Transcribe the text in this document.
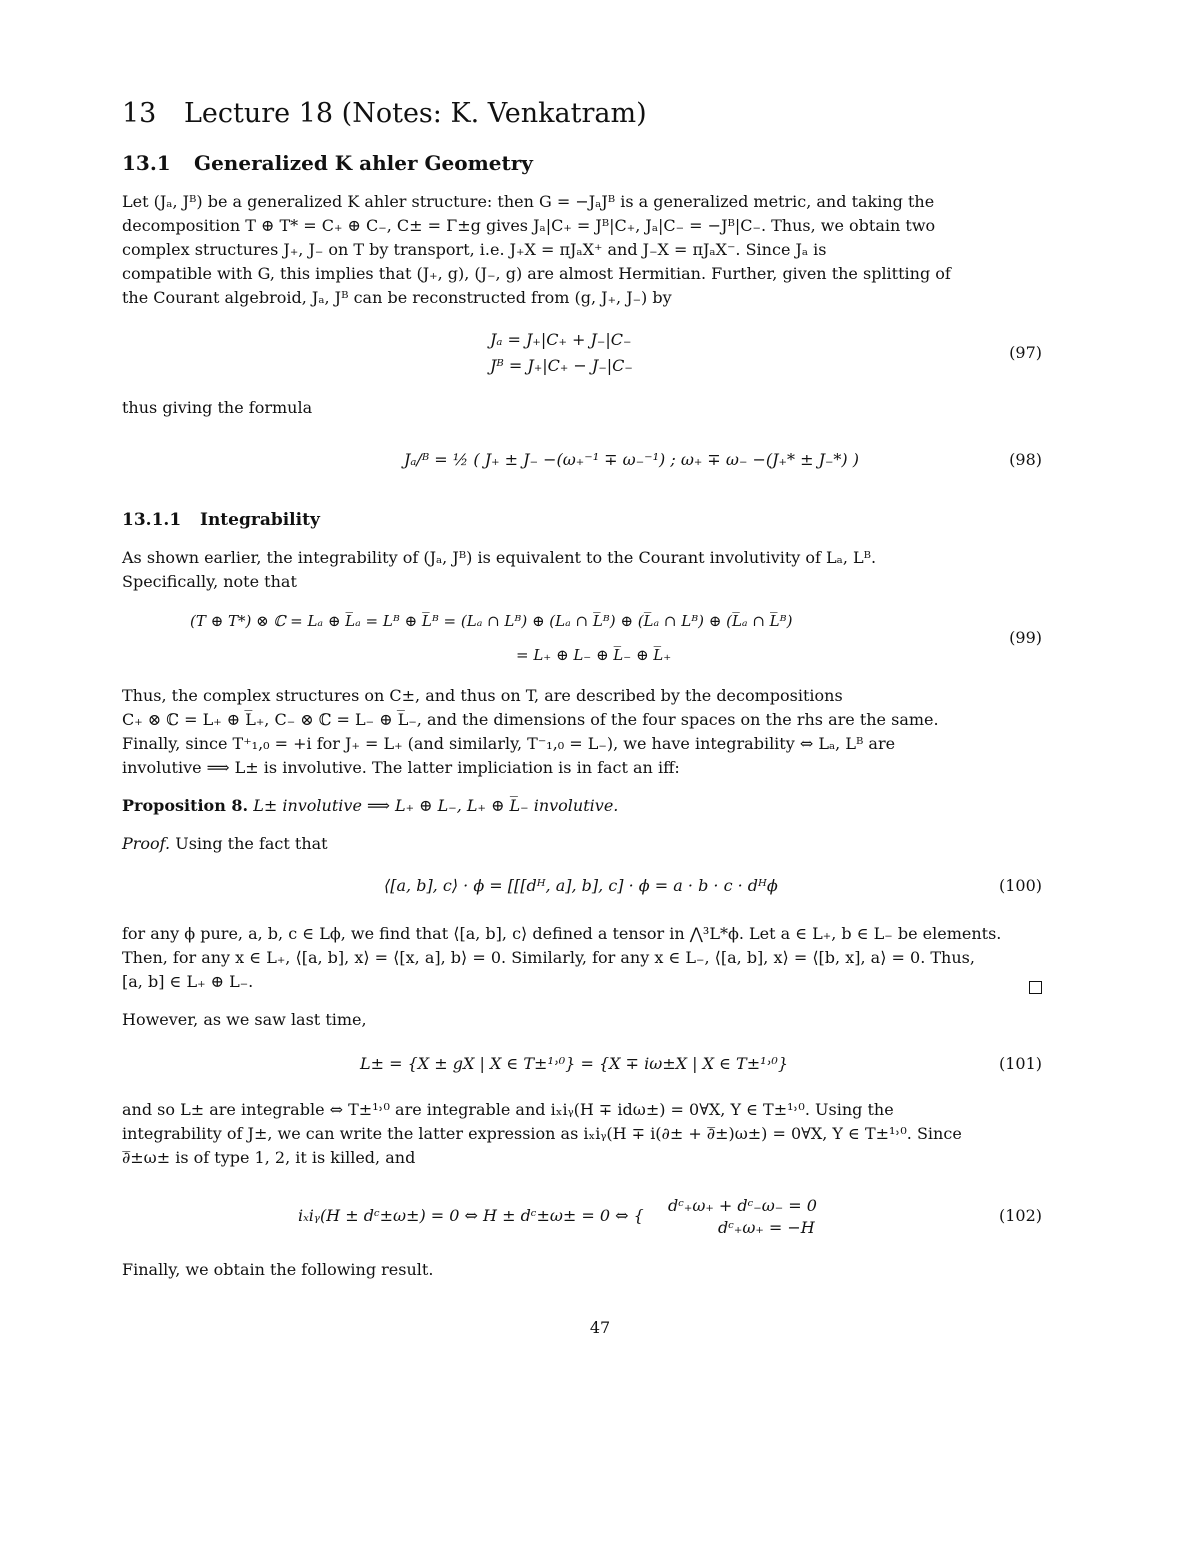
13 Lecture 18 (Notes: K. Venkatram)
13.1 Generalized K ahler Geometry

Let (Jₐ, Jᴮ) be a generalized K ahler structure: then G = −JₐJᴮ is a generalized metric, and taking the

decomposition T ⊕ T* = C₊ ⊕ C₋, C± = Γ±g gives Jₐ|C₊ = Jᴮ|C₊, Jₐ|C₋ = −Jᴮ|C₋. Thus, we obtain two

complex structures J₊, J₋ on T by transport, i.e. J₊X = πJₐX⁺ and J₋X = πJₐX⁻. Since Jₐ is

compatible with G, this implies that (J₊, g), (J₋, g) are almost Hermitian. Further, given the splitting of

the Courant algebroid, Jₐ, Jᴮ can be reconstructed from (g, J₊, J₋) by

Jₐ = J₊|C₊ + J₋|C₋
Jᴮ = J₊|C₊ − J₋|C₋
(97)

thus giving the formula

Jₐ/ᴮ = ½ ( J₊ ± J₋ −(ω₊⁻¹ ∓ ω₋⁻¹) ; ω₊ ∓ ω₋ −(J₊* ± J₋*) )	(98)
13.1.1 Integrability

As shown earlier, the integrability of (Jₐ, Jᴮ) is equivalent to the Courant involutivity of Lₐ, Lᴮ.

Specifically, note that

(T ⊕ T*) ⊗ ℂ = Lₐ ⊕ L̅ₐ = Lᴮ ⊕ L̅ᴮ = (Lₐ ∩ Lᴮ) ⊕ (Lₐ ∩ L̅ᴮ) ⊕ (L̅ₐ ∩ Lᴮ) ⊕ (L̅ₐ ∩ L̅ᴮ)
= L₊ ⊕ L₋ ⊕ L̅₋ ⊕ L̅₊
(99)

Thus, the complex structures on C±, and thus on T, are described by the decompositions

C₊ ⊗ ℂ = L₊ ⊕ L̅₊, C₋ ⊗ ℂ = L₋ ⊕ L̅₋, and the dimensions of the four spaces on the rhs are the same.

Finally, since T⁺₁,₀ = +i for J₊ = L₊ (and similarly, T⁻₁,₀ = L₋), we have integrability ⇔ Lₐ, Lᴮ are

involutive ⟹ L± is involutive. The latter impliciation is in fact an iff:

Proposition 8. L± involutive ⟹ L₊ ⊕ L₋, L₊ ⊕ L̅₋ involutive.

Proof. Using the fact that

⟨[a, b], c⟩ · ϕ = [[[dᴴ, a], b], c] · ϕ = a · b · c · dᴴϕ	(100)

for any ϕ pure, a, b, c ∈ Lϕ, we find that ⟨[a, b], c⟩ defined a tensor in ⋀³L*ϕ. Let a ∈ L₊, b ∈ L₋ be elements.

Then, for any x ∈ L₊, ⟨[a, b], x⟩ = ⟨[x, a], b⟩ = 0. Similarly, for any x ∈ L₋, ⟨[a, b], x⟩ = ⟨[b, x], a⟩ = 0. Thus,

[a, b] ∈ L₊ ⊕ L₋.

However, as we saw last time,

L± = {X ± gX | X ∈ T±¹˒⁰} = {X ∓ iω±X | X ∈ T±¹˒⁰}	(101)

and so L± are integrable ⇔ T±¹˒⁰ are integrable and iₓiᵧ(H ∓ idω±) = 0∀X, Y ∈ T±¹˒⁰. Using the

integrability of J±, we can write the latter expression as iₓiᵧ(H ∓ i(∂± + ∂̅±)ω±) = 0∀X, Y ∈ T±¹˒⁰. Since

∂̅±ω± is of type 1, 2, it is killed, and

iₓiᵧ(H ± dᶜ±ω±) = 0 ⇔ H ± dᶜ±ω± = 0 ⇔ {
dᶜ₊ω₊ + dᶜ₋ω₋ = 0
dᶜ₊ω₊ = −H
(102)

Finally, we obtain the following result.

47
